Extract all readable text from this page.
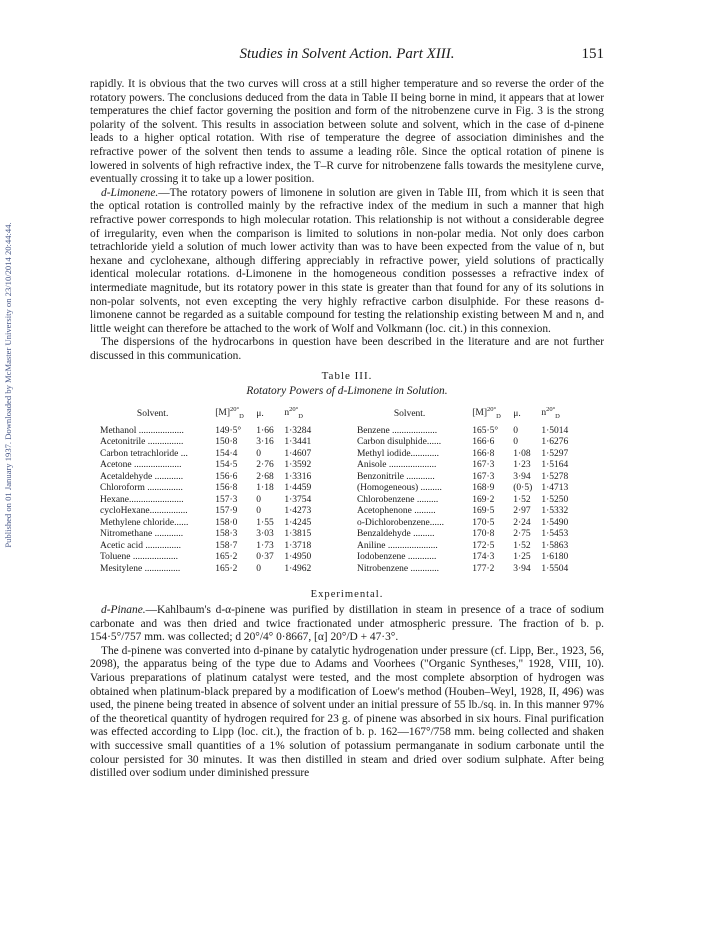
Published on 01 January 1937. Downloaded by McMaster University on 23/10/2014 20:44:44.
Studies in Solvent Action. Part XIII.	151

rapidly. It is obvious that the two curves will cross at a still higher temperature and so reverse the order of the rotatory powers. The conclusions deduced from the data in Table II being borne in mind, it appears that at lower temperatures the chief factor governing the position and form of the nitrobenzene curve in Fig. 3 is the strong polarity of the solvent. This results in association between solute and solvent, which in the case of d-pinene leads to a higher optical rotation. With rise of temperature the degree of association diminishes and the refractive power of the solvent then tends to assume a leading rôle. Since the optical rotation of pinene is lowered in solvents of high refractive index, the T–R curve for nitrobenzene falls towards the mesitylene curve, eventually crossing it to take up a lower position.

d-Limonene.—The rotatory powers of limonene in solution are given in Table III, from which it is seen that the optical rotation is controlled mainly by the refractive index of the medium in such a manner that high refractive power corresponds to high molecular rotation. This relationship is not without a considerable degree of irregularity, even when the comparison is limited to solutions in non-polar media. Not only does carbon tetrachloride yield a solution of much lower activity than was to have been expected from the value of n, but hexane and cyclohexane, although differing appreciably in refractive power, yield solutions of practically identical molecular rotations. d-Limonene in the homogeneous condition possesses a refractive index of intermediate magnitude, but its rotatory power in this state is greater than that found for any of its solutions in non-polar solvents, not even excepting the very highly refractive carbon disulphide. For these reasons d-limonene cannot be regarded as a suitable compound for testing the relationship existing between M and n, and little weight can therefore be attached to the work of Wolf and Volkmann (loc. cit.) in this connexion.

The dispersions of the hydrocarbons in question have been described in the literature and are not further discussed in this communication.

Table III.
Rotatory Powers of d-Limonene in Solution.
Solvent.	$[M]^{20^\circ}_D$	μ.	$n^{20^\circ}_D$	Solvent.	$[M]^{20^\circ}_D$	μ.	$n^{20^\circ}_D$
Methanol ...................	149·5°	1·66	1·3284	Benzene ...................	165·5°	0	1·5014
Acetonitrile ...............	150·8	3·16	1·3441	Carbon disulphide......	166·6	0	1·6276
Carbon tetrachloride ...	154·4	0	1·4607	Methyl iodide............	166·8	1·08	1·5297
Acetone ....................	154·5	2·76	1·3592	Anisole ....................	167·3	1·23	1·5164
Acetaldehyde ............	156·6	2·68	1·3316	Benzonitrile ............	167·3	3·94	1·5278
Chloroform ...............	156·8	1·18	1·4459	(Homogeneous) .........	168·9	(0·5)	1·4713
Hexane.......................	157·3	0	1·3754	Chlorobenzene .........	169·2	1·52	1·5250
cycloHexane................	157·9	0	1·4273	Acetophenone .........	169·5	2·97	1·5332
Methylene chloride......	158·0	1·55	1·4245	o-Dichlorobenzene......	170·5	2·24	1·5490
Nitromethane ............	158·3	3·03	1·3815	Benzaldehyde .........	170·8	2·75	1·5453
Acetic acid ...............	158·7	1·73	1·3718	Aniline .....................	172·5	1·52	1·5863
Toluene ...................	165·2	0·37	1·4950	Iodobenzene ............	174·3	1·25	1·6180
Mesitylene ...............	165·2	0	1·4962	Nitrobenzene ............	177·2	3·94	1·5504
Experimental.

d-Pinane.—Kahlbaum's d-α-pinene was purified by distillation in steam in presence of a trace of sodium carbonate and was then dried and twice fractionated under atmospheric pressure. The fraction of b. p. 154·5°/757 mm. was collected; d 20°/4° 0·8667, [α] 20°/D + 47·3°.

The d-pinene was converted into d-pinane by catalytic hydrogenation under pressure (cf. Lipp, Ber., 1923, 56, 2098), the apparatus being of the type due to Adams and Voorhees ("Organic Syntheses," 1928, VIII, 10). Various preparations of platinum catalyst were tested, and the most complete absorption of hydrogen was obtained when platinum-black prepared by a modification of Loew's method (Houben–Weyl, 1928, II, 496) was used, the pinene being treated in absence of solvent under an initial pressure of 55 lb./sq. in. In this manner 97% of the theoretical quantity of hydrogen required for 23 g. of pinene was absorbed in six hours. Final purification was effected according to Lipp (loc. cit.), the fraction of b. p. 162—167°/758 mm. being collected and shaken with successive small quantities of a 1% solution of potassium permanganate in sodium carbonate until the colour persisted for 30 minutes. It was then distilled in steam and dried over sodium sulphate. After being distilled over sodium under diminished pressure
